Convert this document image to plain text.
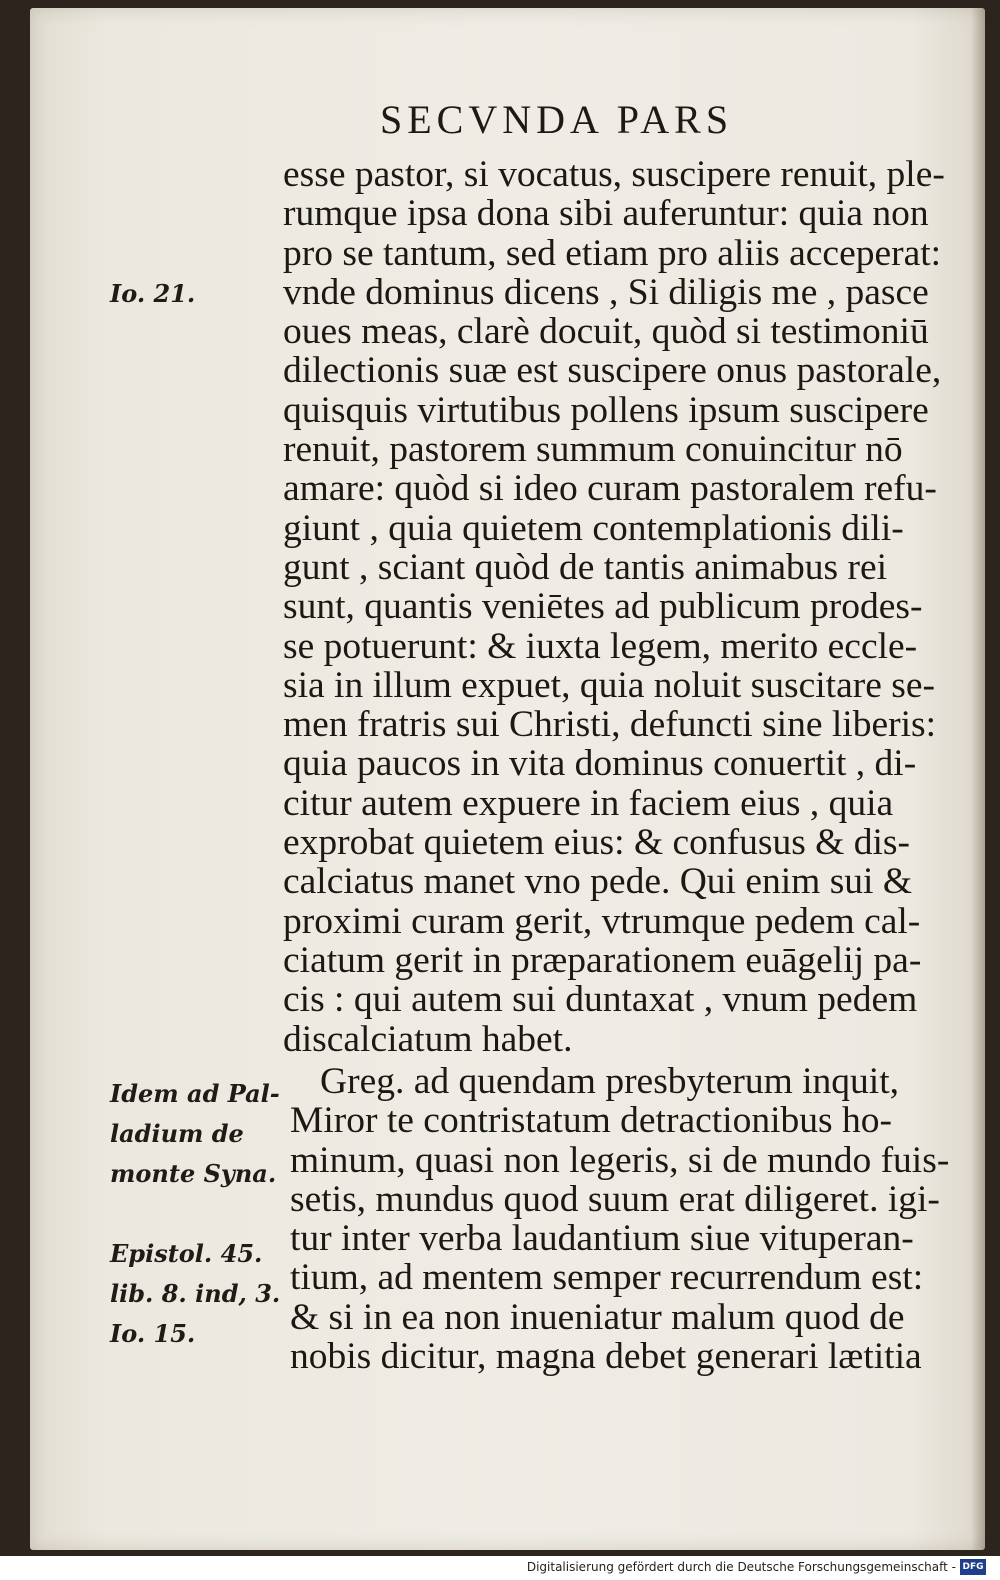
SECVNDA PARS
Io. 21.
esse pastor, si vocatus, suscipere renuit, ple-
rumque ipsa dona sibi auferuntur: quia non
pro se tantum, sed etiam pro aliis acceperat:
vnde dominus dicens , Si diligis me , pasce
oues meas, clarè docuit, quòd si testimoniū
dilectionis suæ est suscipere onus pastorale,
quisquis virtutibus pollens ipsum suscipere
renuit, pastorem summum conuincitur nō
amare: quòd si ideo curam pastoralem refu-
giunt , quia quietem contemplationis dili-
gunt , sciant quòd de tantis animabus rei
sunt, quantis veniētes ad publicum prodes-
se potuerunt: & iuxta legem, merito eccle-
sia in illum expuet, quia noluit suscitare se-
men fratris sui Christi, defuncti sine liberis:
quia paucos in vita dominus conuertit , di-
citur autem expuere in faciem eius , quia
exprobat quietem eius: & confusus & dis-
calciatus manet vno pede. Qui enim sui &
proximi curam gerit, vtrumque pedem cal-
ciatum gerit in præparationem euāgelij pa-
cis : qui autem sui duntaxat , vnum pedem
discalciatum habet.
Idem ad Pal-
ladium de
monte Syna.
Epistol. 45.
lib. 8. ind, 3.
Io. 15.
Greg. ad quendam presbyterum inquit,
Miror te contristatum detractionibus ho-
minum, quasi non legeris, si de mundo fuis-
setis, mundus quod suum erat diligeret. igi-
tur inter verba laudantium siue vituperan-
tium, ad mentem semper recurrendum est:
& si in ea non inueniatur malum quod de
nobis dicitur, magna debet generari lætitia
Digitalisierung gefördert durch die Deutsche Forschungsgemeinschaft - DFG
